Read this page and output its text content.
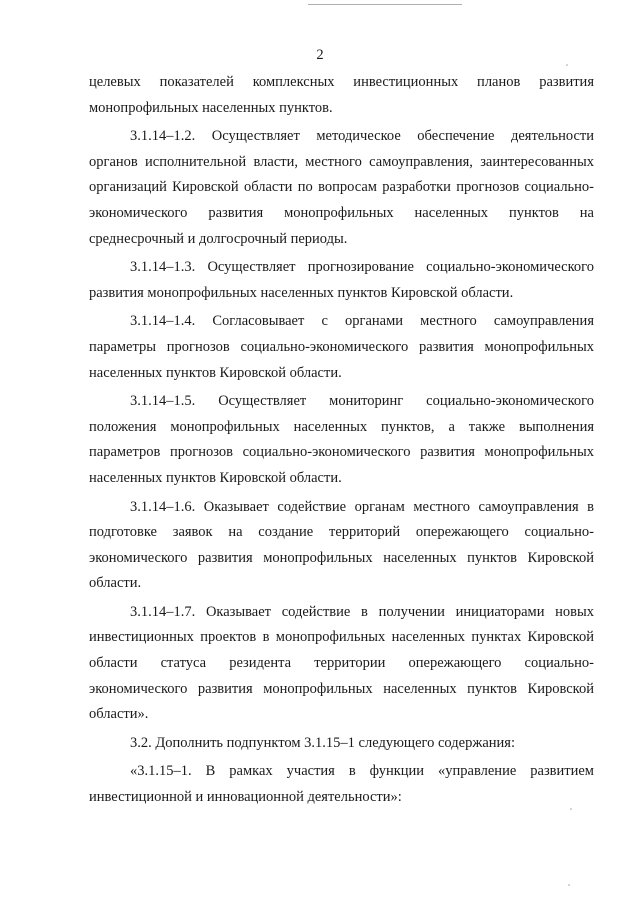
2

целевых показателей комплексных инвестиционных планов развития монопрофильных населенных пунктов.

3.1.14–1.2. Осуществляет методическое обеспечение деятельности органов исполнительной власти, местного самоуправления, заинтересованных организаций Кировской области по вопросам разработки прогнозов социально-экономического развития монопрофильных населенных пунктов на среднесрочный и долгосрочный периоды.

3.1.14–1.3. Осуществляет прогнозирование социально-экономического развития монопрофильных населенных пунктов Кировской области.

3.1.14–1.4. Согласовывает с органами местного самоуправления параметры прогнозов социально-экономического развития монопрофильных населенных пунктов Кировской области.

3.1.14–1.5. Осуществляет мониторинг социально-экономического положения монопрофильных населенных пунктов, а также выполнения параметров прогнозов социально-экономического развития монопрофильных населенных пунктов Кировской области.

3.1.14–1.6. Оказывает содействие органам местного самоуправления в подготовке заявок на создание территорий опережающего социально-экономического развития монопрофильных населенных пунктов Кировской области.

3.1.14–1.7. Оказывает содействие в получении инициаторами новых инвестиционных проектов в монопрофильных населенных пунктах Кировской области статуса резидента территории опережающего социально-экономического развития монопрофильных населенных пунктов Кировской области».

3.2. Дополнить подпунктом 3.1.15–1 следующего содержания:

«3.1.15–1. В рамках участия в функции «управление развитием инвестиционной и инновационной деятельности»:
